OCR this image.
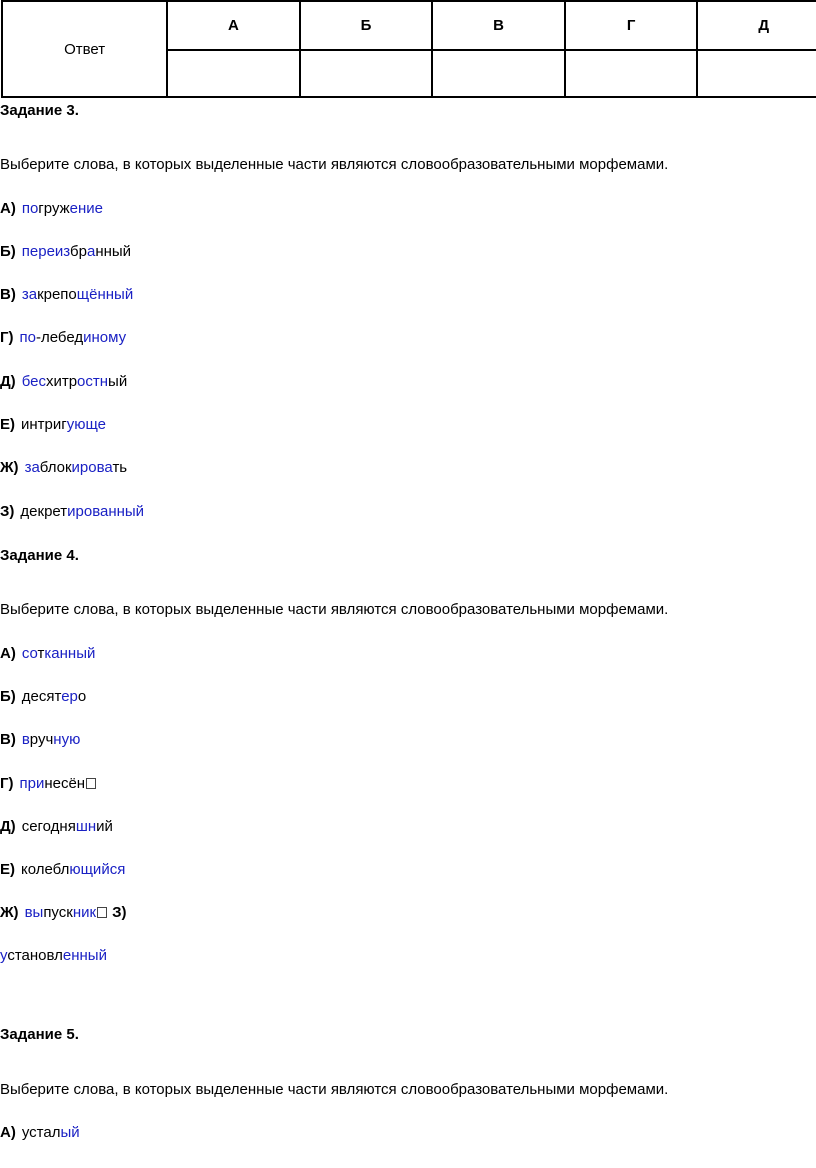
Ответ	А	Б	В	Г	Д

Задание 3.
Выберите слова, в которых выделенные части являются словообразовательными морфемами.
А) погружение
Б) переизбранный
В) закрепощённый
Г) по-лебединому
Д) бесхитростный
Е) интригующе
Ж) заблокировать
З) декретированный
Задание 4.
Выберите слова, в которых выделенные части являются словообразовательными морфемами.
А) сотканный
Б) десятеро
В) вручную
Г) принесён
Д) сегодняшний
Е) колеблющийся
Ж) выпускник З)
установленный
Задание 5.
Выберите слова, в которых выделенные части являются словообразовательными морфемами.
А) усталый
